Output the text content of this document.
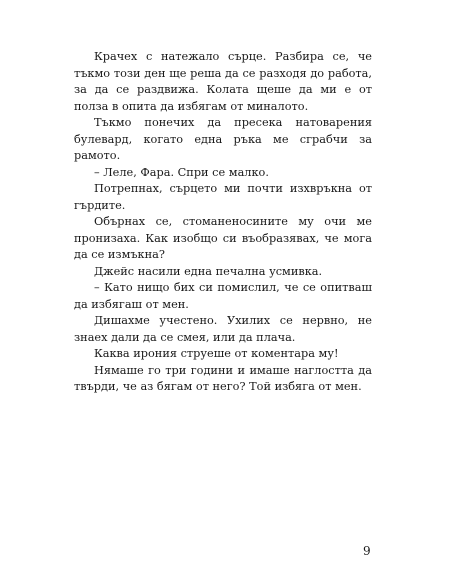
Крачех с натежало сърце. Разбира се, че тъкмо този ден щe реша да се разходя до работа, за да се раздвижа. Колата щеше да ми е от полза в опита да избягам от миналото.

Тъкмо понечих да пресека натоварения булевард, когато една ръка ме сграбчи за рамото.

– Леле, Фара. Спри се малко.

Потрепнах, сърцето ми почти изхвръкна от гърдите.

Обърнах се, стоманеносините му очи ме пронизаха. Как изобщо си въобразявах, че мога да се измъкна?

Джейс насили една печална усмивка.

– Като нищо бих си помислил, че се опитваш да избягаш от мен.

Дишахме учестено. Ухилих се нервно, не знаех дали да се смея, или да плача.

Каква ирония струеше от коментара му!

Нямаше го три години и имаше наглостта да твърди, че аз бягам от него? Той избяга от мен.

9
